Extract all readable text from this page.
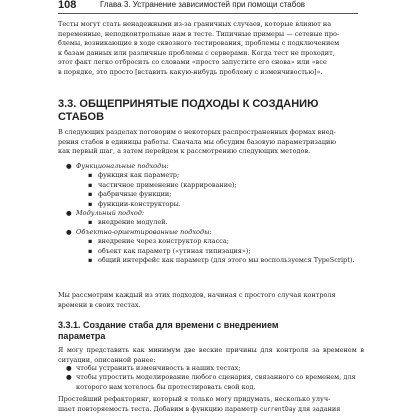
108	Глава 3. Устранение зависимостей при помощи стабов
Тесты могут стать ненадежными из-за граничных случаев, которые влияют на
переменные, неподконтрольные нам в тесте. Типичные примеры — сетевые про-
блемы, возникающие в ходе сквозного тестирования, проблемы с подключением
к базам данных или различные проблемы с серверами. Когда тест не проходит,
этот факт легко отбросить со словами «просто запустите его снова» или «все
в порядке, это просто [вставить какую-нибудь проблему с изменчивостью]».
3.3. ОБЩЕПРИНЯТЫЕ ПОДХОДЫ К СОЗДАНИЮ
СТАБОВ
В следующих разделах поговорим о некоторых распространенных формах внед-
рения стабов в единицы работы. Сначала мы обсудим базовую параметризацию
как первый шаг, а затем перейдем к рассмотрению следующих методов.
● Функциональные подходы:
▪ функция как параметр;
▪ частичное применение (каррирование);
▪ фабричные функции;
▪ функции-конструкторы.
● Модульный подход:
▪ внедрение модулей.
● Объектно-ориентированные подходы:
▪ внедрение через конструктор класса;
▪ объект как параметр («утиная типизация»);
▪ общий интерфейс как параметр (для этого мы воспользуемся TypeScript).
Мы рассмотрим каждый из этих подходов, начиная с простого случая контроля
времени в своих тестах.
3.3.1. Создание стаба для времени с внедрением
параметра

Я могу представить как минимум две веские причины для контроля за временем в ситуации, описанной ранее:

● чтобы устранить изменчивость в наших тестах;
● чтобы упростить моделирование любого сценария, связанного со временем, для которого нам хотелось бы протестировать свой код.
Простейший рефакторинг, который я только могу придумать, несколько улуч-
шает повторяемость теста. Добавим в функцию параметр currentDay для задания
